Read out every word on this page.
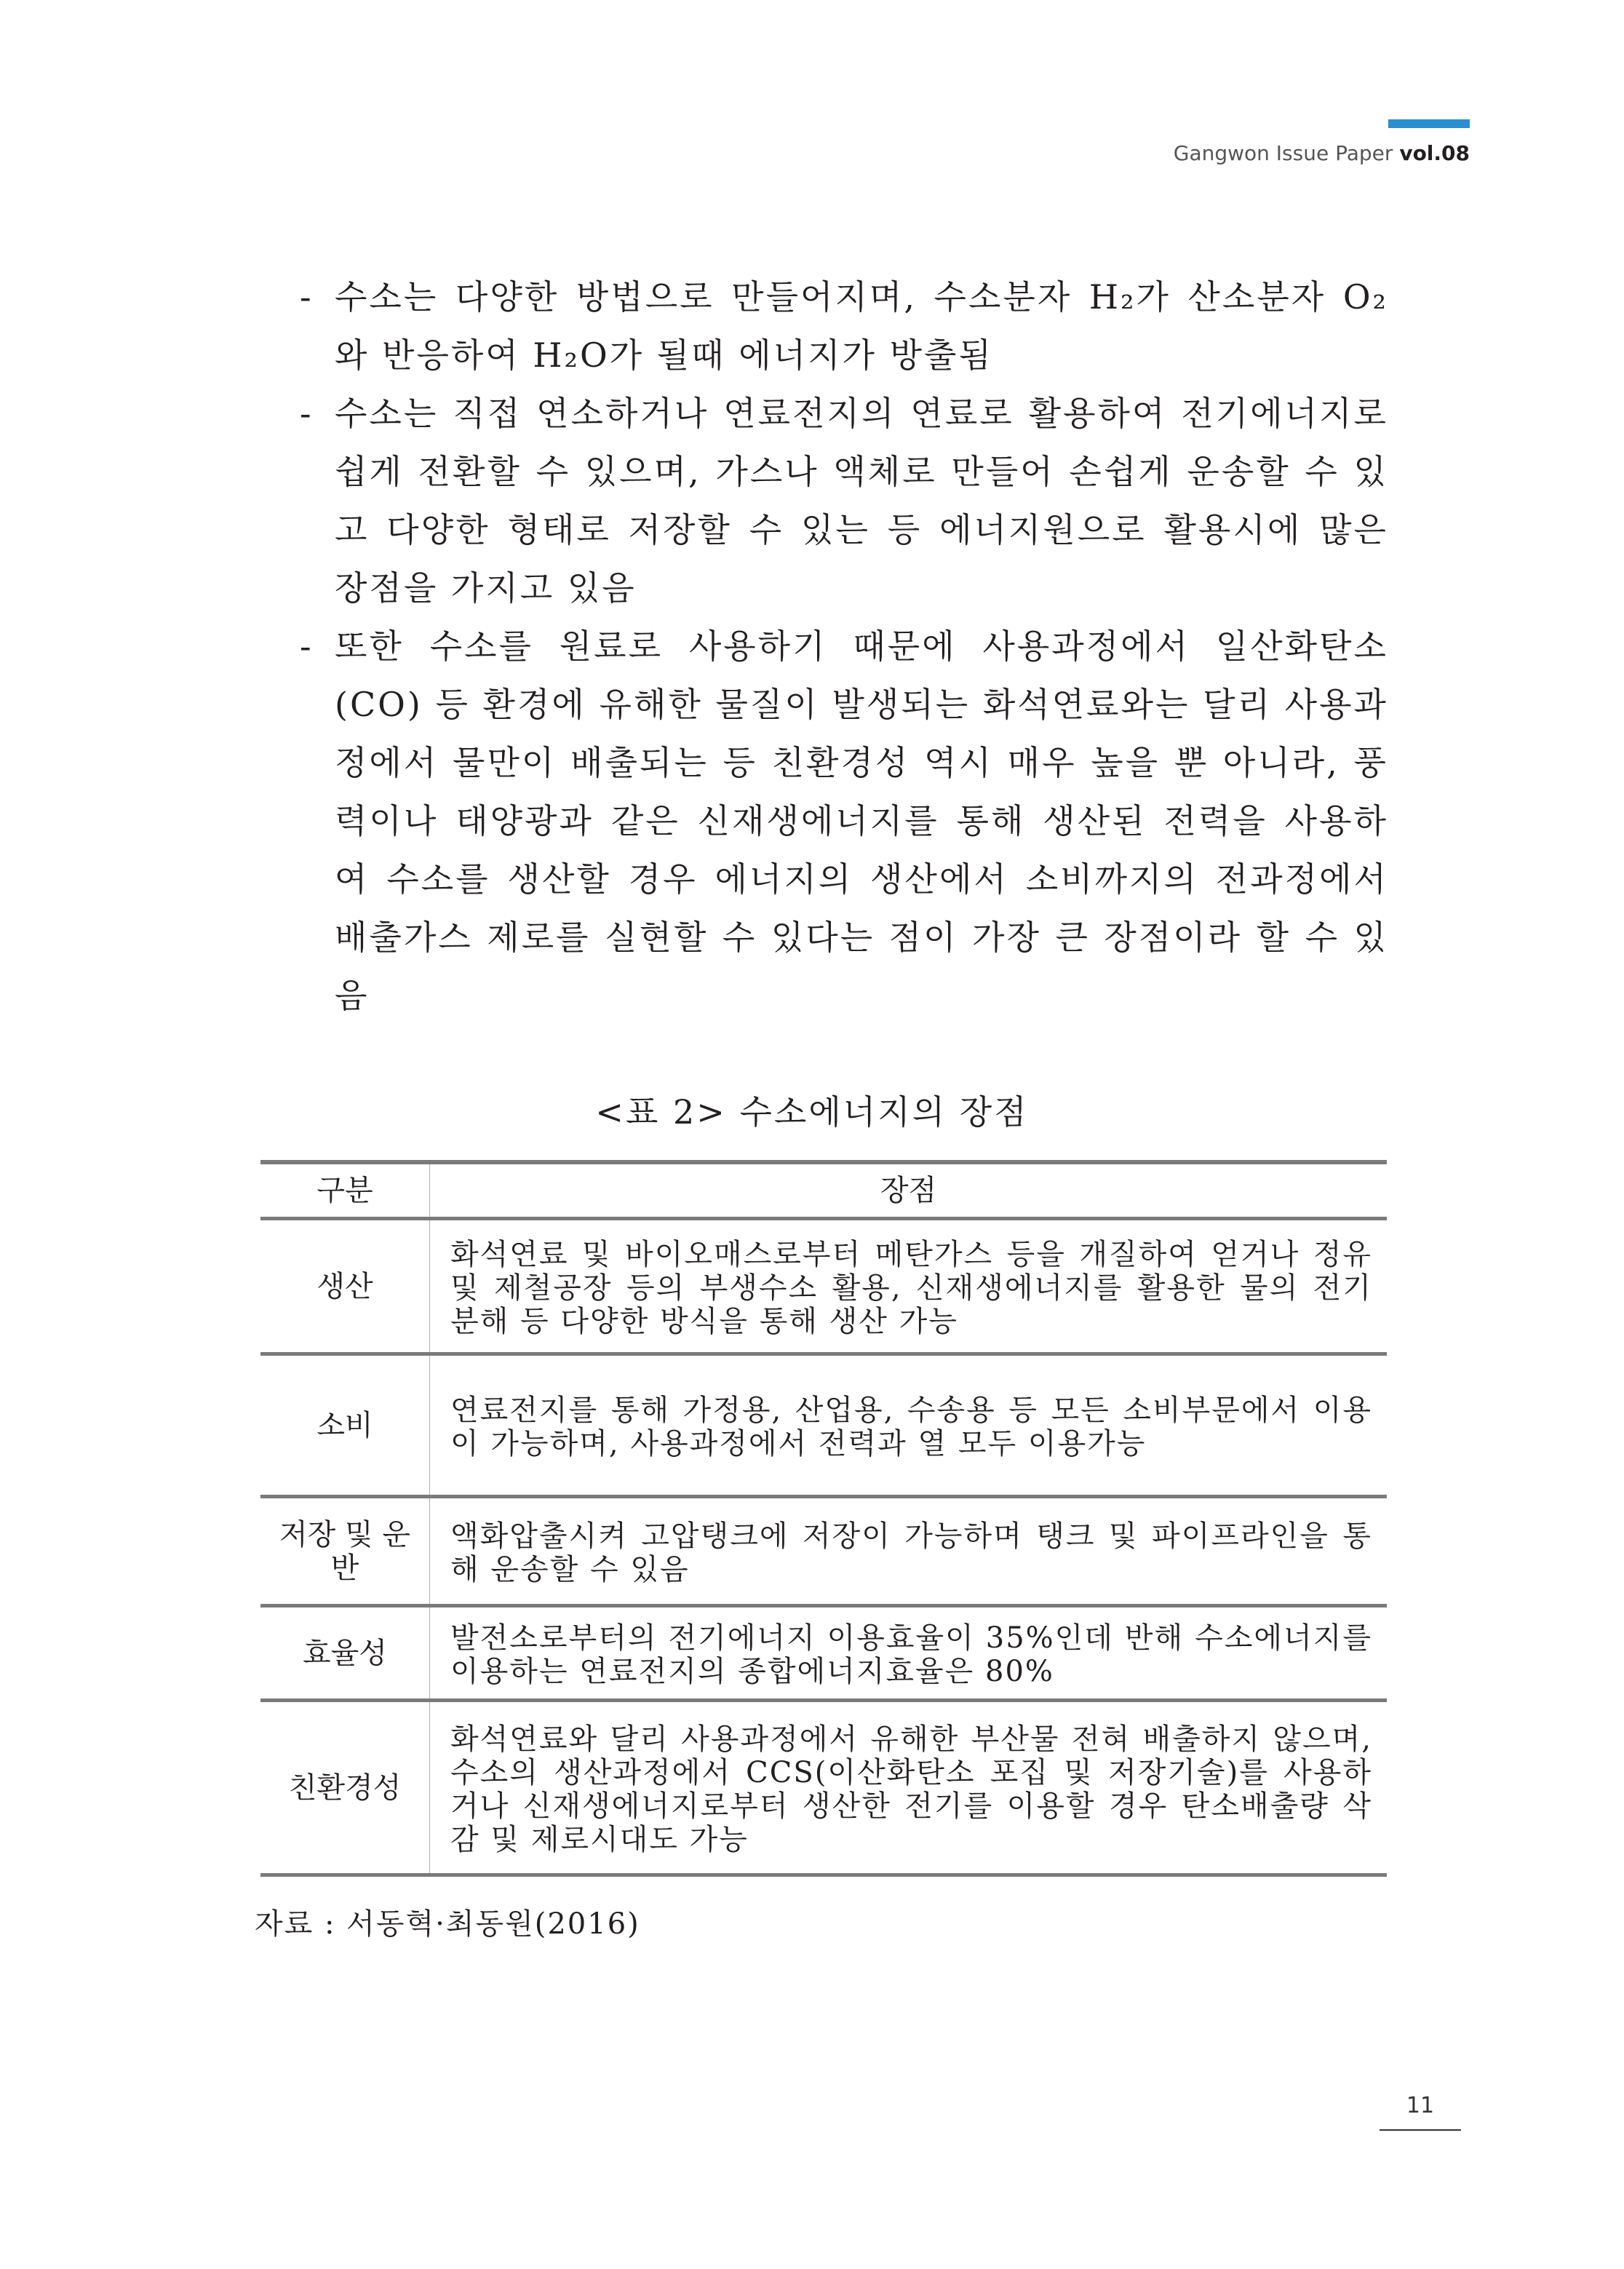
Gangwon Issue Paper vol.08
- 수소는 다양한 방법으로 만들어지며, 수소분자 H₂가 산소분자 O₂와 반응하여 H₂O가 될때 에너지가 방출됨
- 수소는 직접 연소하거나 연료전지의 연료로 활용하여 전기에너지로 쉽게 전환할 수 있으며, 가스나 액체로 만들어 손쉽게 운송할 수 있고 다양한 형태로 저장할 수 있는 등 에너지원으로 활용시에 많은 장점을 가지고 있음
- 또한 수소를 원료로 사용하기 때문에 사용과정에서 일산화탄소(CO) 등 환경에 유해한 물질이 발생되는 화석연료와는 달리 사용과정에서 물만이 배출되는 등 친환경성 역시 매우 높을 뿐 아니라, 풍력이나 태양광과 같은 신재생에너지를 통해 생산된 전력을 사용하여 수소를 생산할 경우 에너지의 생산에서 소비까지의 전과정에서 배출가스 제로를 실현할 수 있다는 점이 가장 큰 장점이라 할 수 있음
<표 2> 수소에너지의 장점
구분	장점
생산	화석연료 및 바이오매스로부터 메탄가스 등을 개질하여 얻거나 정유 및 제철공장 등의 부생수소 활용, 신재생에너지를 활용한 물의 전기분해 등 다양한 방식을 통해 생산 가능
소비	연료전지를 통해 가정용, 산업용, 수송용 등 모든 소비부문에서 이용이 가능하며, 사용과정에서 전력과 열 모두 이용가능
저장 및 운반	액화압출시켜 고압탱크에 저장이 가능하며 탱크 및 파이프라인을 통해 운송할 수 있음
효율성	발전소로부터의 전기에너지 이용효율이 35%인데 반해 수소에너지를 이용하는 연료전지의 종합에너지효율은 80%
친환경성	화석연료와 달리 사용과정에서 유해한 부산물 전혀 배출하지 않으며, 수소의 생산과정에서 CCS(이산화탄소 포집 및 저장기술)를 사용하거나 신재생에너지로부터 생산한 전기를 이용할 경우 탄소배출량 삭감 및 제로시대도 가능
자료 : 서동혁·최동원(2016)
11
